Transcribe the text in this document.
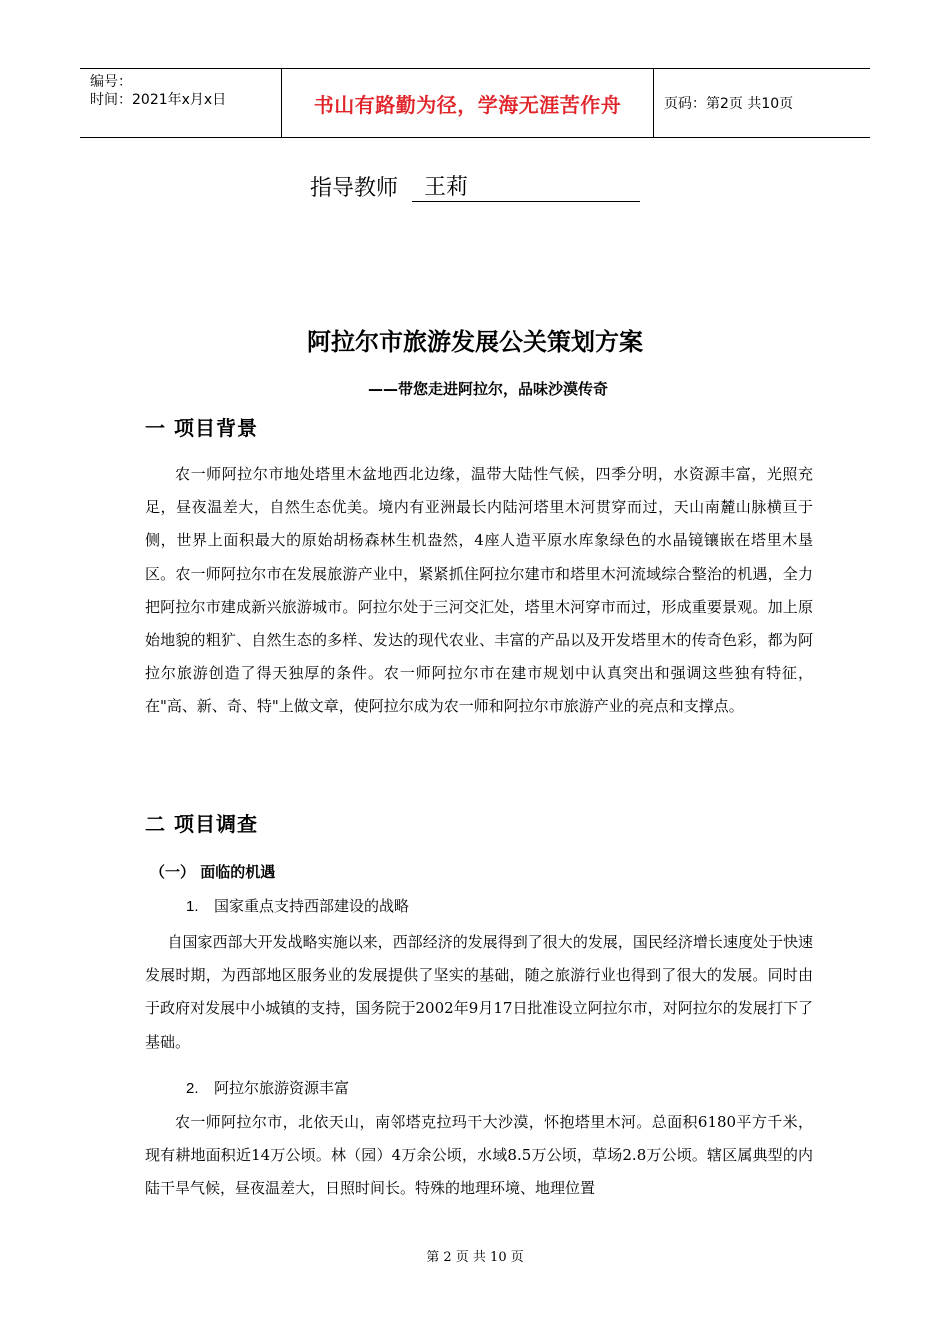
编号：
时间：2021年x月x日	书山有路勤为径，学海无涯苦作舟	页码：第2页 共10页
指导教师	王莉
阿拉尔市旅游发展公关策划方案
——带您走进阿拉尔，品味沙漠传奇
一 项目背景

农一师阿拉尔市地处塔里木盆地西北边缘，温带大陆性气候，四季分明，水资源丰富，光照充足，昼夜温差大，自然生态优美。境内有亚洲最长内陆河塔里木河贯穿而过，天山南麓山脉横亘于侧，世界上面积最大的原始胡杨森林生机盎然，4座人造平原水库象绿色的水晶镜镶嵌在塔里木垦区。农一师阿拉尔市在发展旅游产业中，紧紧抓住阿拉尔建市和塔里木河流域综合整治的机遇，全力把阿拉尔市建成新兴旅游城市。阿拉尔处于三河交汇处，塔里木河穿市而过，形成重要景观。加上原始地貌的粗犷、自然生态的多样、发达的现代农业、丰富的产品以及开发塔里木的传奇色彩，都为阿拉尔旅游创造了得天独厚的条件。农一师阿拉尔市在建市规划中认真突出和强调这些独有特征，在"高、新、奇、特"上做文章，使阿拉尔成为农一师和阿拉尔市旅游产业的亮点和支撑点。

二 项目调查
（一） 面临的机遇
1. 国家重点支持西部建设的战略

自国家西部大开发战略实施以来，西部经济的发展得到了很大的发展，国民经济增长速度处于快速发展时期，为西部地区服务业的发展提供了坚实的基础，随之旅游行业也得到了很大的发展。同时由于政府对发展中小城镇的支持，国务院于2002年9月17日批准设立阿拉尔市，对阿拉尔的发展打下了基础。

2. 阿拉尔旅游资源丰富

农一师阿拉尔市，北依天山，南邻塔克拉玛干大沙漠，怀抱塔里木河。总面积6180平方千米，现有耕地面积近14万公顷。林（园）4万余公顷，水域8.5万公顷，草场2.8万公顷。辖区属典型的内陆干旱气候，昼夜温差大，日照时间长。特殊的地理环境、地理位置

第 2 页 共 10 页
